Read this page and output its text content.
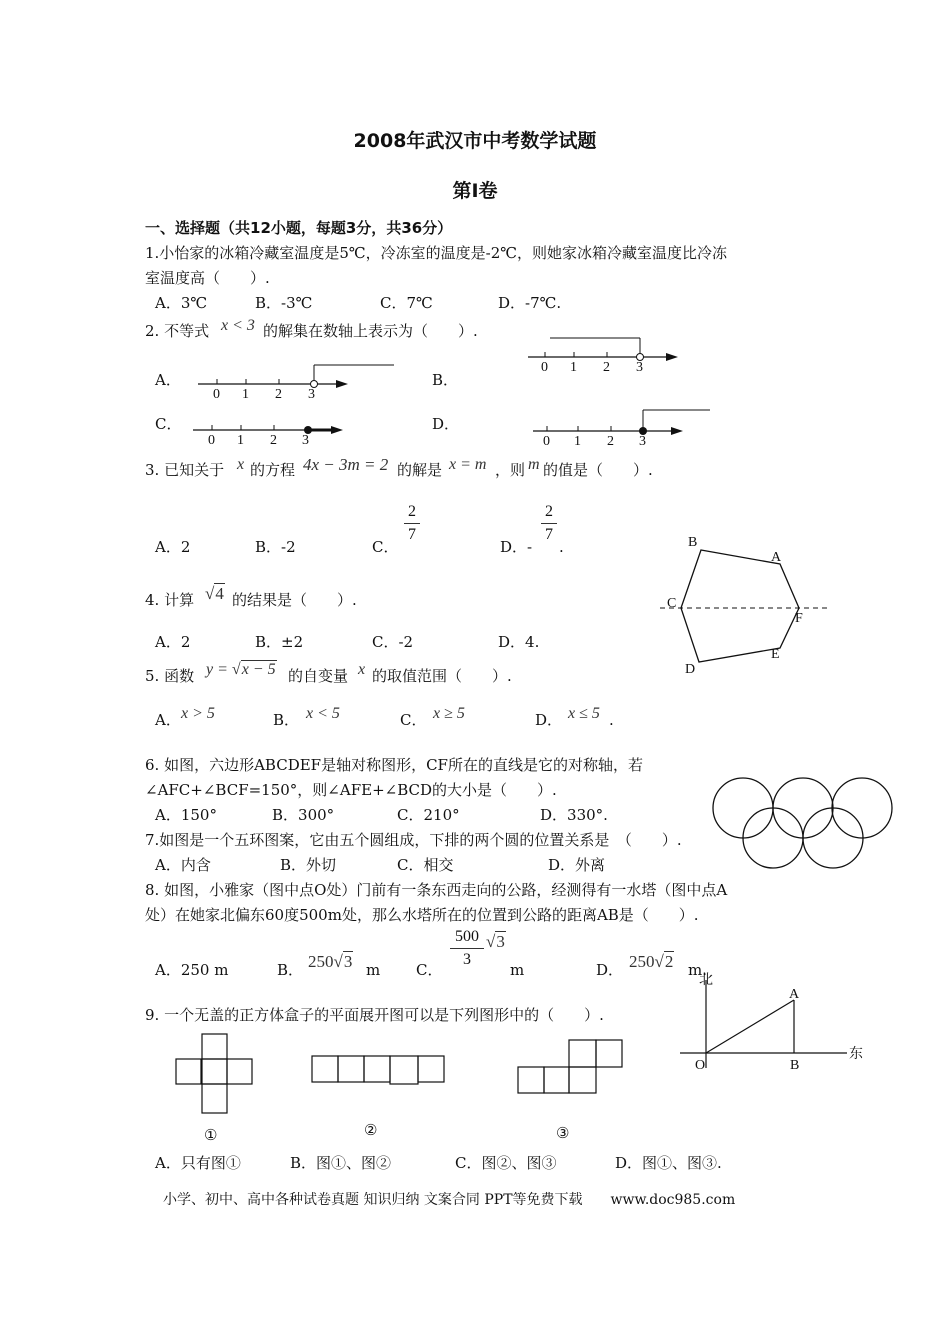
2008年武汉市中考数学试题
第Ⅰ卷
一、选择题（共12小题，每题3分，共36分）
1.小怡家的冰箱冷藏室温度是5℃，冷冻室的温度是-2℃，则她家冰箱冷藏室温度比冷冻
室温度高（　　）.
A．3℃	B．-3℃	C．7℃	D．-7℃.
2. 不等式 x < 3 的解集在数轴上表示为（　　）.
A．	B．
C．	D．
0 1 2 3
0 1 2 3
0 1 2 3	0 1 2 3
3. 已知关于 x 的方程 4x − 3m = 2 的解是 x = m ，则 m 的值是（　　）.
A．2	B．-2	C．
2
7
D．-
2
7
.
A
B
C
D
E
F
4. 计算 √4 的结果是（　　）.
A．2	B．±2	C．-2	D．4.
5. 函数 y = √x − 5 的自变量 x 的取值范围（　　）.
A． x > 5	B． x < 5	C． x ≥ 5	D． x ≤ 5 .
6. 如图，六边形ABCDEF是轴对称图形，CF所在的直线是它的对称轴，若
∠AFC+∠BCF=150°，则∠AFE+∠BCD的大小是（　　）.
A．150°	B．300°	C．210°	D．330°.
7.如图是一个五环图案，它由五个圆组成，下排的两个圆的位置关系是　（　　）.
A．内含	B．外切	C．相交	D．外离
8. 如图，小雅家（图中点O处）门前有一条东西走向的公路，经测得有一水塔（图中点A
处）在她家北偏东60度500m处，那么水塔所在的位置到公路的距离AB是（　　）.
A．250 m	B． 250√3 m C．
500
3
√3
m	D． 250√2 m.
北
东
O
A
B
9. 一个无盖的正方体盒子的平面展开图可以是下列图形中的（　　）.
①	②	③
A．只有图①	B．图①、图②	C．图②、图③	D．图①、图③.
小学、初中、高中各种试卷真题 知识归纳 文案合同 PPT等免费下载　　www.doc985.com
